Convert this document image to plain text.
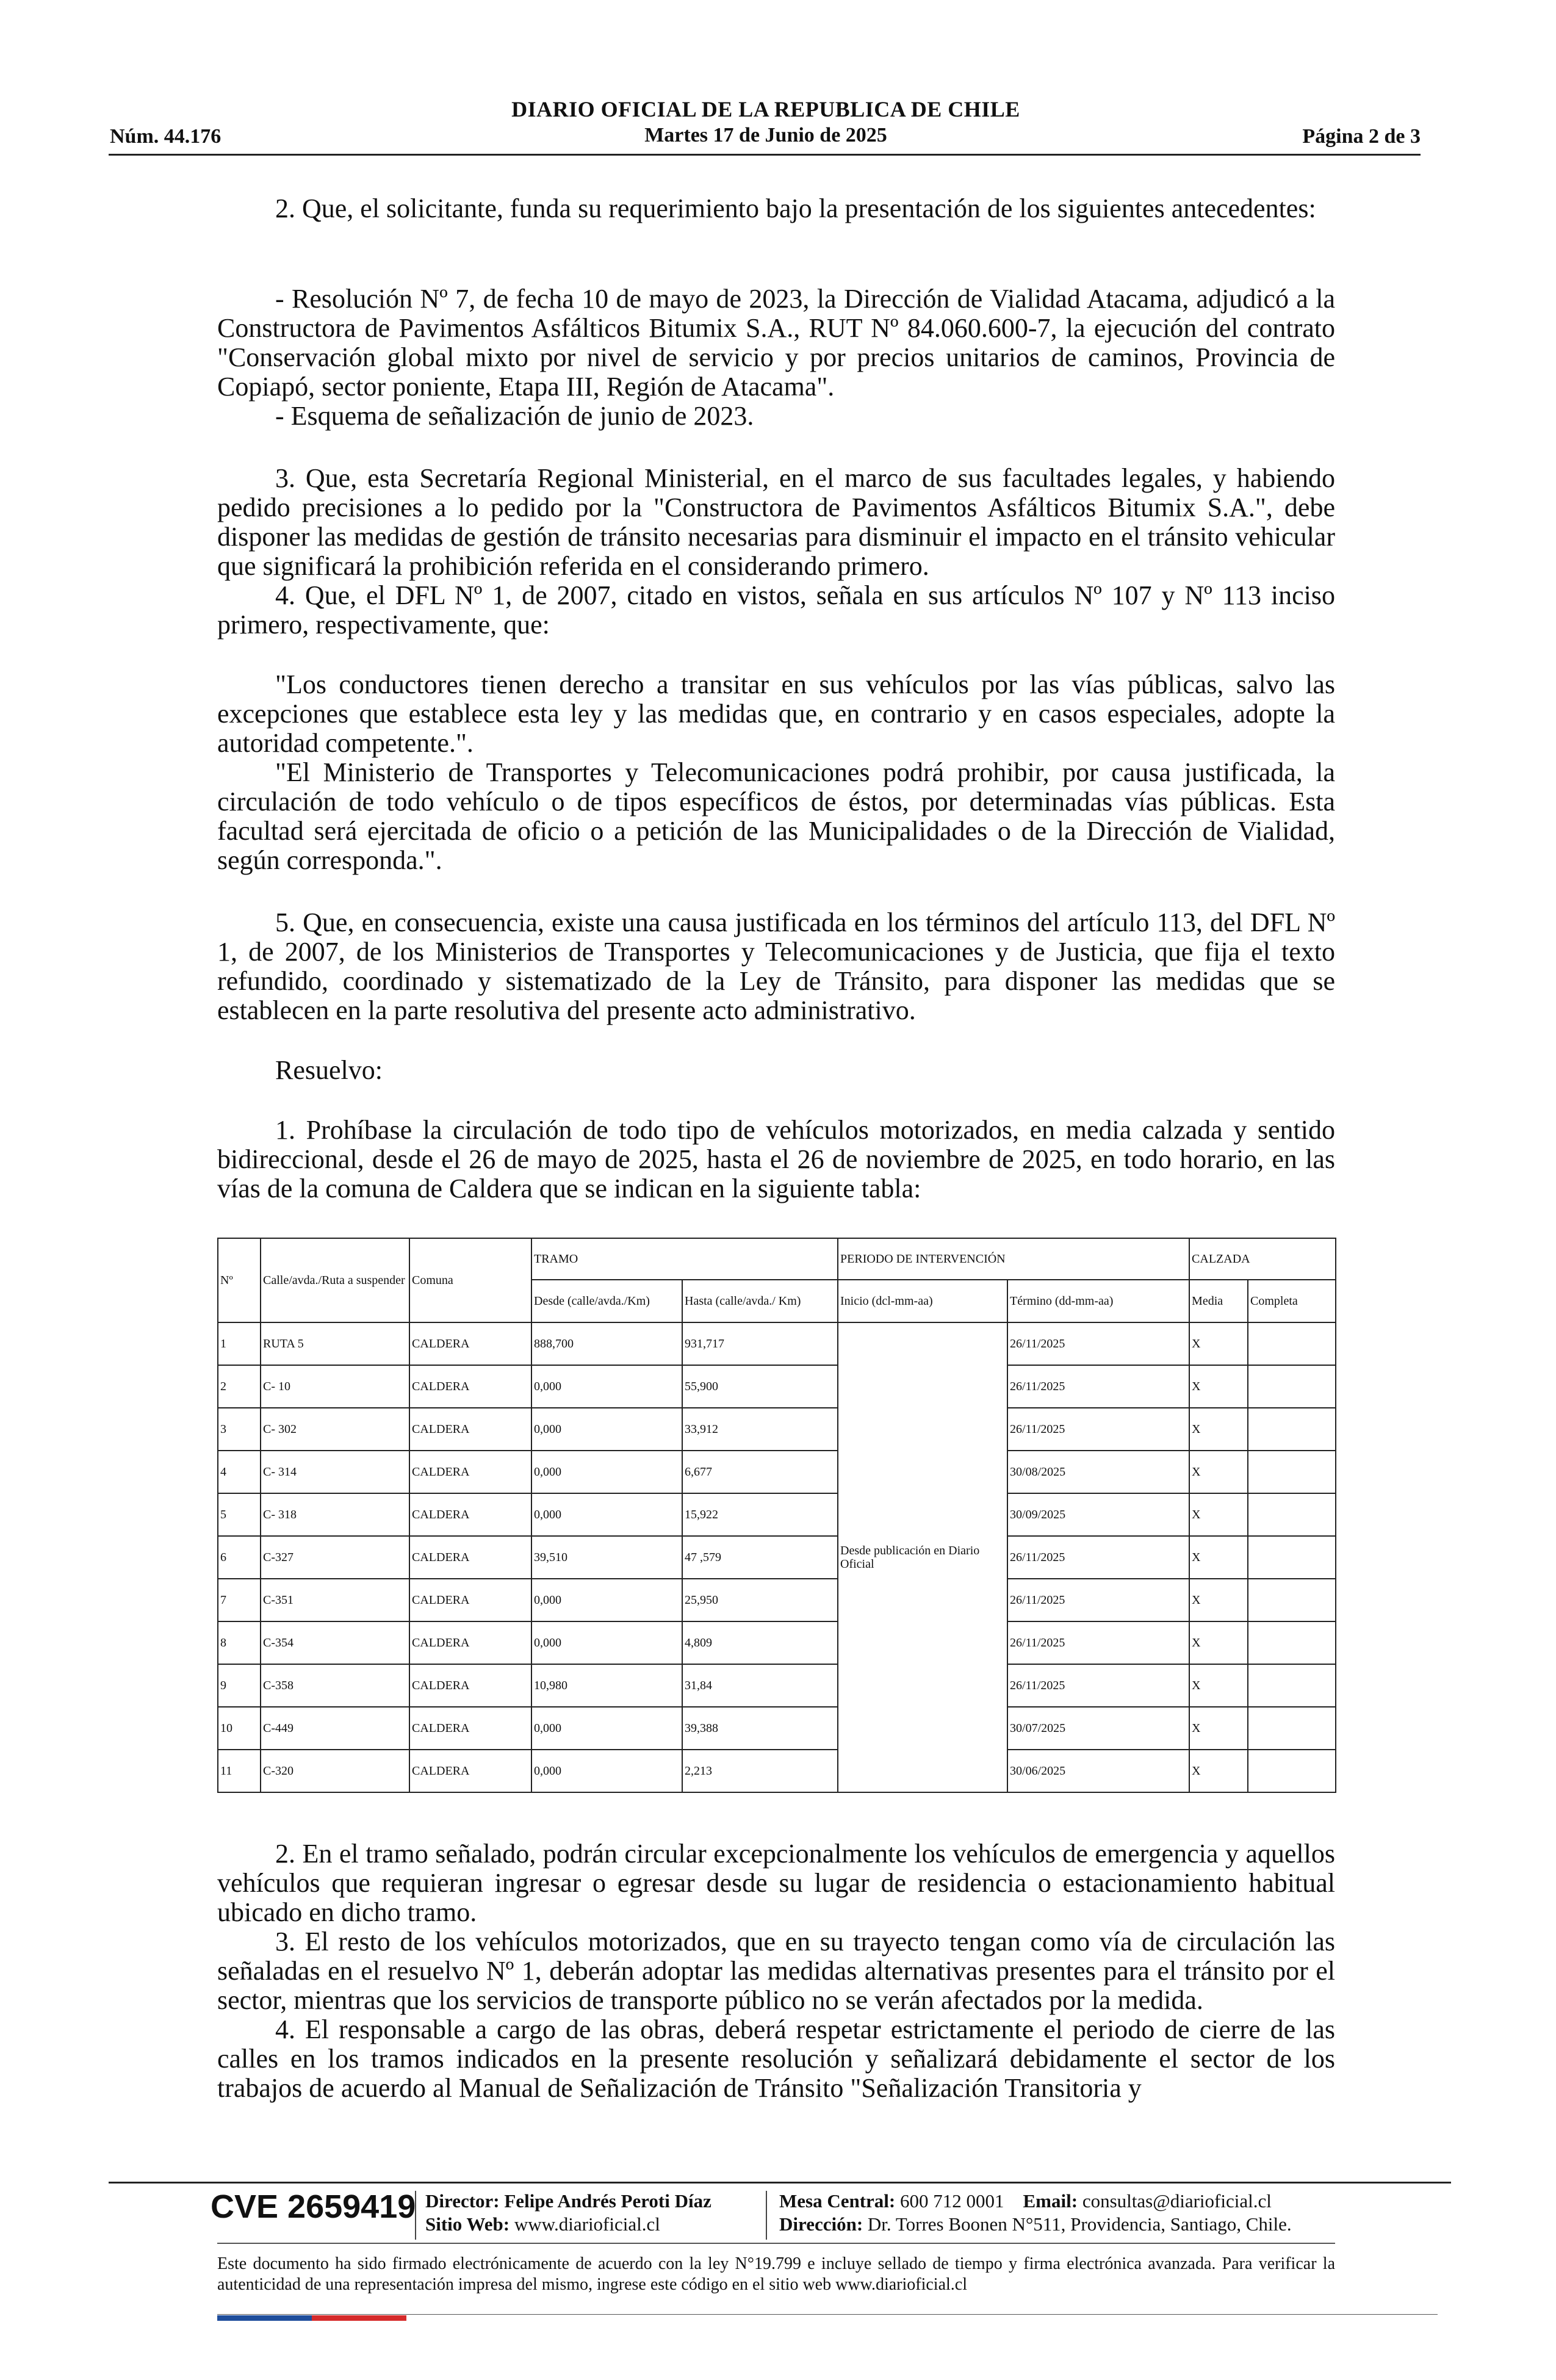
DIARIO OFICIAL DE LA REPUBLICA DE CHILE
Núm. 44.176	Martes 17 de Junio de 2025	Página 2 de 3

2. Que, el solicitante, funda su requerimiento bajo la presentación de los siguientes antecedentes:

- Resolución Nº 7, de fecha 10 de mayo de 2023, la Dirección de Vialidad Atacama, adjudicó a la Constructora de Pavimentos Asfálticos Bitumix S.A., RUT Nº 84.060.600-7, la ejecución del contrato "Conservación global mixto por nivel de servicio y por precios unitarios de caminos, Provincia de Copiapó, sector poniente, Etapa III, Región de Atacama".

- Esquema de señalización de junio de 2023.

3. Que, esta Secretaría Regional Ministerial, en el marco de sus facultades legales, y habiendo pedido precisiones a lo pedido por la "Constructora de Pavimentos Asfálticos Bitumix S.A.", debe disponer las medidas de gestión de tránsito necesarias para disminuir el impacto en el tránsito vehicular que significará la prohibición referida en el considerando primero.

4. Que, el DFL Nº 1, de 2007, citado en vistos, señala en sus artículos Nº 107 y Nº 113 inciso primero, respectivamente, que:

"Los conductores tienen derecho a transitar en sus vehículos por las vías públicas, salvo las excepciones que establece esta ley y las medidas que, en contrario y en casos especiales, adopte la autoridad competente.".

"El Ministerio de Transportes y Telecomunicaciones podrá prohibir, por causa justificada, la circulación de todo vehículo o de tipos específicos de éstos, por determinadas vías públicas. Esta facultad será ejercitada de oficio o a petición de las Municipalidades o de la Dirección de Vialidad, según corresponda.".

5. Que, en consecuencia, existe una causa justificada en los términos del artículo 113, del DFL Nº 1, de 2007, de los Ministerios de Transportes y Telecomunicaciones y de Justicia, que fija el texto refundido, coordinado y sistematizado de la Ley de Tránsito, para disponer las medidas que se establecen en la parte resolutiva del presente acto administrativo.

Resuelvo:

1. Prohíbase la circulación de todo tipo de vehículos motorizados, en media calzada y sentido bidireccional, desde el 26 de mayo de 2025, hasta el 26 de noviembre de 2025, en todo horario, en las vías de la comuna de Caldera que se indican en la siguiente tabla:

Nº	Calle/avda./Ruta a suspender	Comuna	TRAMO		PERIODO DE INTERVENCIÓN		CALZADA	
			Desde (calle/avda./Km)	Hasta (calle/avda./ Km)	Inicio (dcl-mm-aa)	Término (dd-mm-aa)	Media	Completa
1	RUTA 5	CALDERA	888,700	931,717	Desde publicación en Diario Oficial	26/11/2025	X	
2	C- 10	CALDERA	0,000	55,900		26/11/2025	X	
3	C- 302	CALDERA	0,000	33,912		26/11/2025	X	
4	C- 314	CALDERA	0,000	6,677		30/08/2025	X	
5	C- 318	CALDERA	0,000	15,922		30/09/2025	X	
6	C-327	CALDERA	39,510	47 ,579		26/11/2025	X	
7	C-351	CALDERA	0,000	25,950		26/11/2025	X	
8	C-354	CALDERA	0,000	4,809		26/11/2025	X	
9	C-358	CALDERA	10,980	31,84		26/11/2025	X	
10	C-449	CALDERA	0,000	39,388		30/07/2025	X	
11	C-320	CALDERA	0,000	2,213		30/06/2025	X	

2. En el tramo señalado, podrán circular excepcionalmente los vehículos de emergencia y aquellos vehículos que requieran ingresar o egresar desde su lugar de residencia o estacionamiento habitual ubicado en dicho tramo.

3. El resto de los vehículos motorizados, que en su trayecto tengan como vía de circulación las señaladas en el resuelvo Nº 1, deberán adoptar las medidas alternativas presentes para el tránsito por el sector, mientras que los servicios de transporte público no se verán afectados por la medida.

4. El responsable a cargo de las obras, deberá respetar estrictamente el periodo de cierre de las calles en los tramos indicados en la presente resolución y señalizará debidamente el sector de los trabajos de acuerdo al Manual de Señalización de Tránsito "Señalización Transitoria y

CVE 2659419 Director: Felipe Andrés Peroti Díaz
Sitio Web: www.diarioficial.cl
Mesa Central: 600 712 0001 Email: consultas@diarioficial.cl
Dirección: Dr. Torres Boonen N°511, Providencia, Santiago, Chile.
Este documento ha sido firmado electrónicamente de acuerdo con la ley N°19.799 e incluye sellado de tiempo y firma electrónica avanzada. Para verificar la autenticidad de una representación impresa del mismo, ingrese este código en el sitio web www.diarioficial.cl
